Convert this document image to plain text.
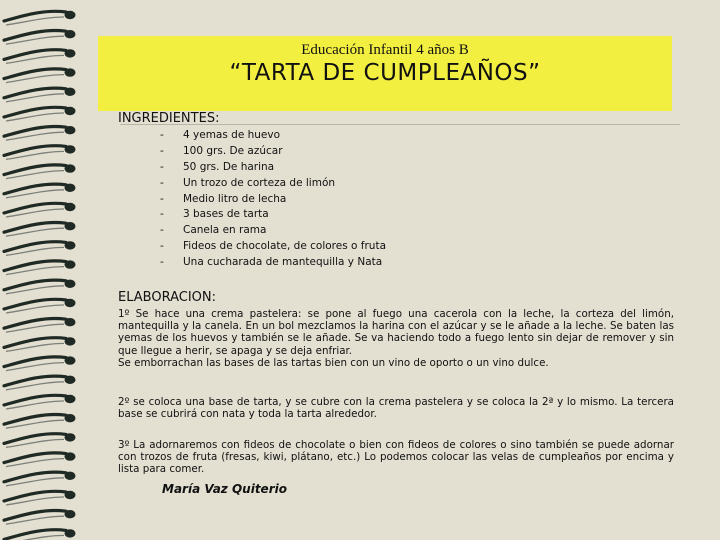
Educación Infantil 4 años B
“TARTA DE CUMPLEAÑOS”
INGREDIENTES:
- 4 yemas de huevo
- 100 grs. De azúcar
- 50 grs. De harina
- Un trozo de corteza de limón
- Medio litro de lecha
- 3 bases de tarta
- Canela en rama
- Fideos de chocolate, de colores o fruta
- Una cucharada de mantequilla y Nata
ELABORACION:
1º Se hace una crema pastelera: se pone al fuego una cacerola con la leche, la corteza del limón, mantequilla y la canela. En un bol mezclamos la harina con el azúcar y se le añade a la leche. Se baten las yemas de los huevos y también se le añade. Se va haciendo todo a fuego lento sin dejar de remover y sin que llegue a herir, se apaga y se deja enfriar.
Se emborrachan las bases de las tartas bien con un vino de oporto o un vino dulce.
2º se coloca una base de tarta, y se cubre con la crema pastelera y se coloca la 2ª y lo mismo. La tercera base se cubrirá con nata y toda la tarta alrededor.
3º La adornaremos con fideos de chocolate o bien con fideos de colores o sino también se puede adornar con trozos de fruta (fresas, kiwi, plátano, etc.) Lo podemos colocar las velas de cumpleaños por encima y lista para comer.
María Vaz Quiterio
